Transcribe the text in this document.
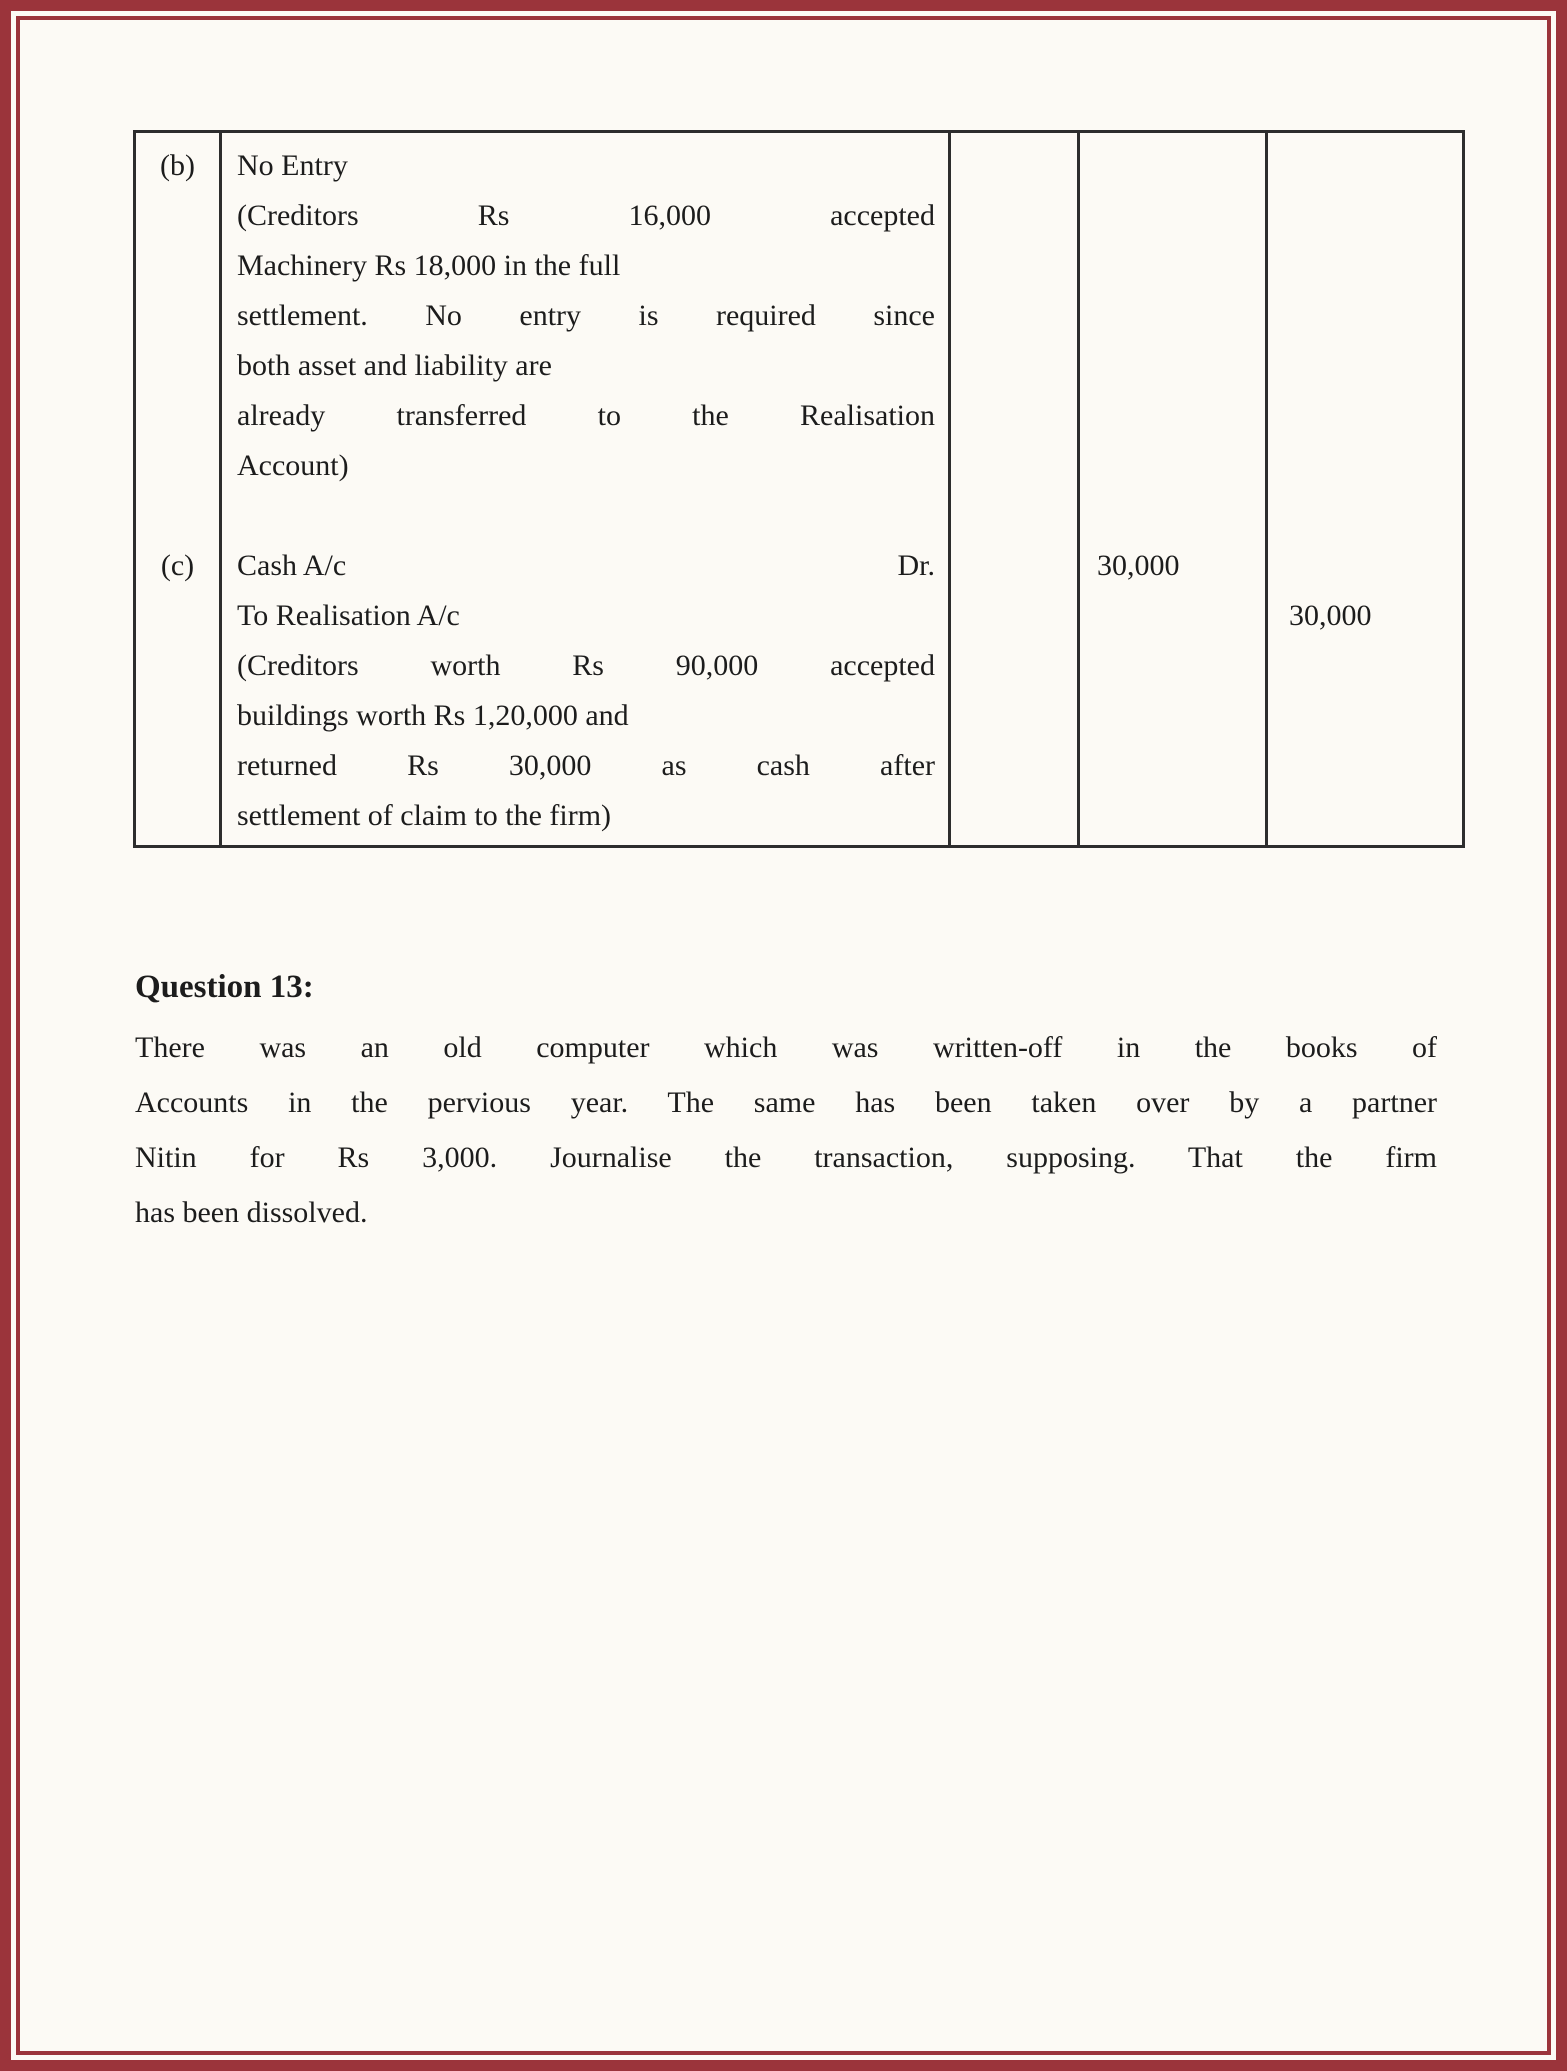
(b)
(c)
No Entry
(Creditors Rs 16,000 accepted
Machinery Rs 18,000 in the full
settlement. No entry is required since
both asset and liability are
already transferred to the Realisation
Account)
Cash A/c	Dr.
To Realisation A/c
(Creditors worth Rs 90,000 accepted
buildings worth Rs 1,20,000 and
returned Rs 30,000 as cash after
settlement of claim to the firm)
30,000
30,000
Question 13:
There was an old computer which was written-off in the books of
Accounts in the pervious year. The same has been taken over by a partner
Nitin for Rs 3,000. Journalise the transaction, supposing. That the firm
has been dissolved.
